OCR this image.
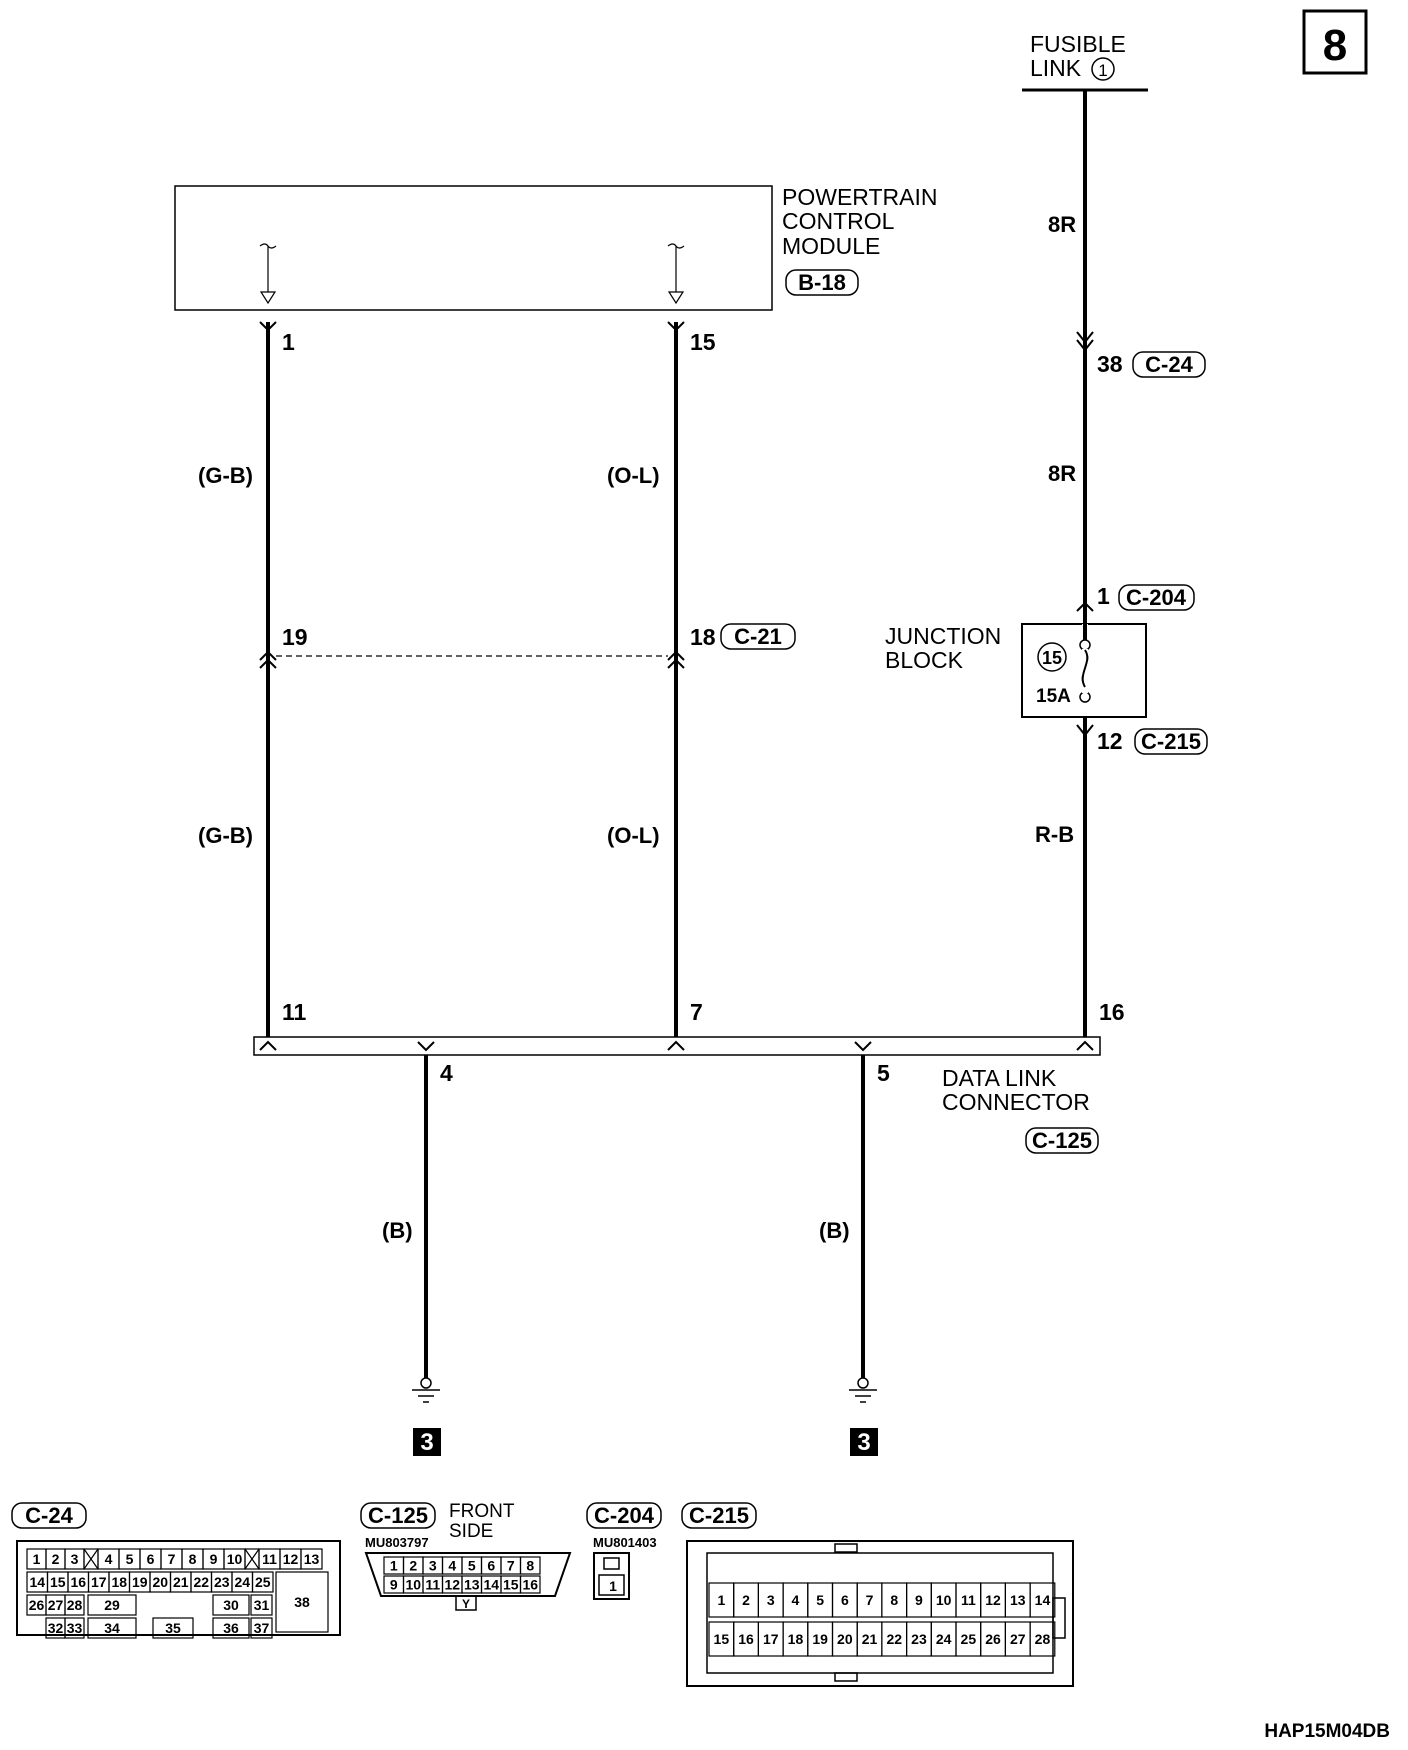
8
FUSIBLE
LINK 1
8R
38 C-24
8R
1 C-204
JUNCTION
BLOCK	15
15A
12 C-215
R-B
POWERTRAIN
CONTROL
MODULE
B-18
1
(G-B)
19
(G-B)
15
(O-L)
18 C-21
(O-L)
11	7	16
4	5 DATA LINK
CONNECTOR
C-125
(B)
3
(B)
3
C-24
1 2 3 4 5 6 7 8 9 10 11 12 13
14 15 16 17 18 19 20 21 22 23 24 25
26 27 28 29	30 31
32 33 34	35	36 37
38
C-125 FRONT
SIDE
MU803797
1 2 3 4 5 6 7 8
9 10 11 12 13 14 15 16
Y
C-204
MU801403
1
C-215
1 2 3 4 5 6 7 8 9 10 11 12 13 14
15 16 17 18 19 20 21 22 23 24 25 26 27 28
HAP15M04DB
